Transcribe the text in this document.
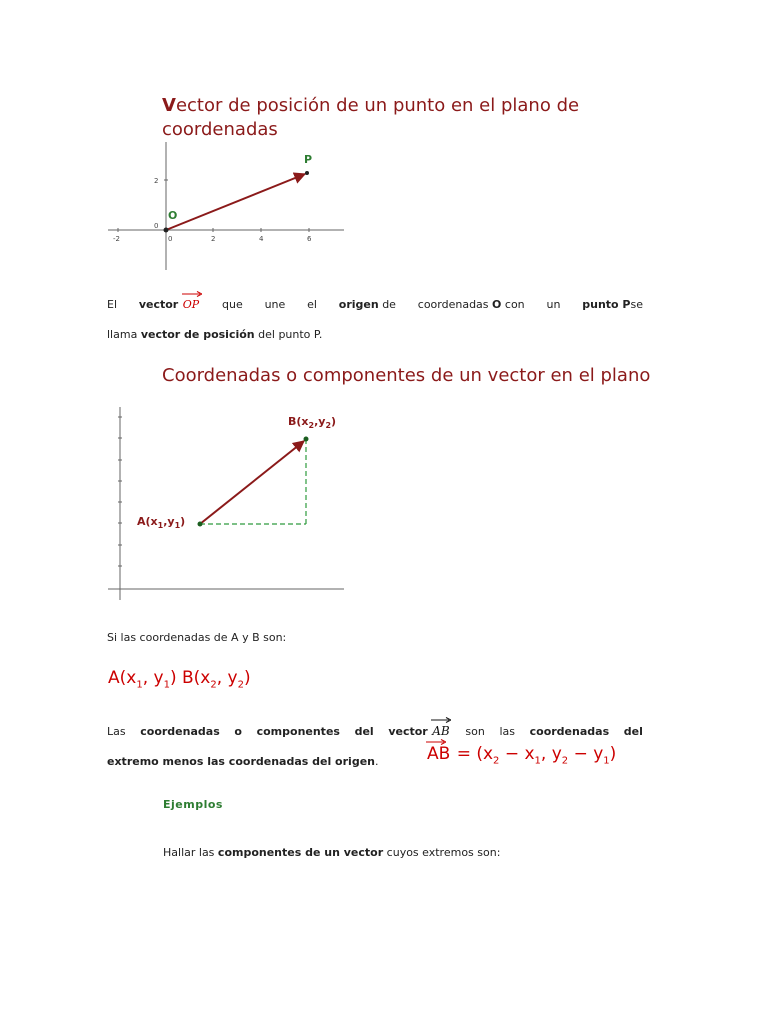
Vector de posición de un punto en el plano de coordenadas
-2	0	2	4	6
2
0
O
P
El vector OP que une el origen de coordenadas O con un punto Pse
llama vector de posición del punto P.
Coordenadas o componentes de un vector en el plano
$B(x_2,y_2)$
$A(x_1,y_1)$
Si las coordenadas de A y B son:
$A(x_1$, $y_1$) $B(x_2$, $y_2$)
Las coordenadas o componentes del vector AB son las coordenadas del
extremo menos las coordenadas del origen.	AB = ($x_2 - x_1$, $y_2 - y_1$)
Ejemplos
Hallar las componentes de un vector cuyos extremos son:
